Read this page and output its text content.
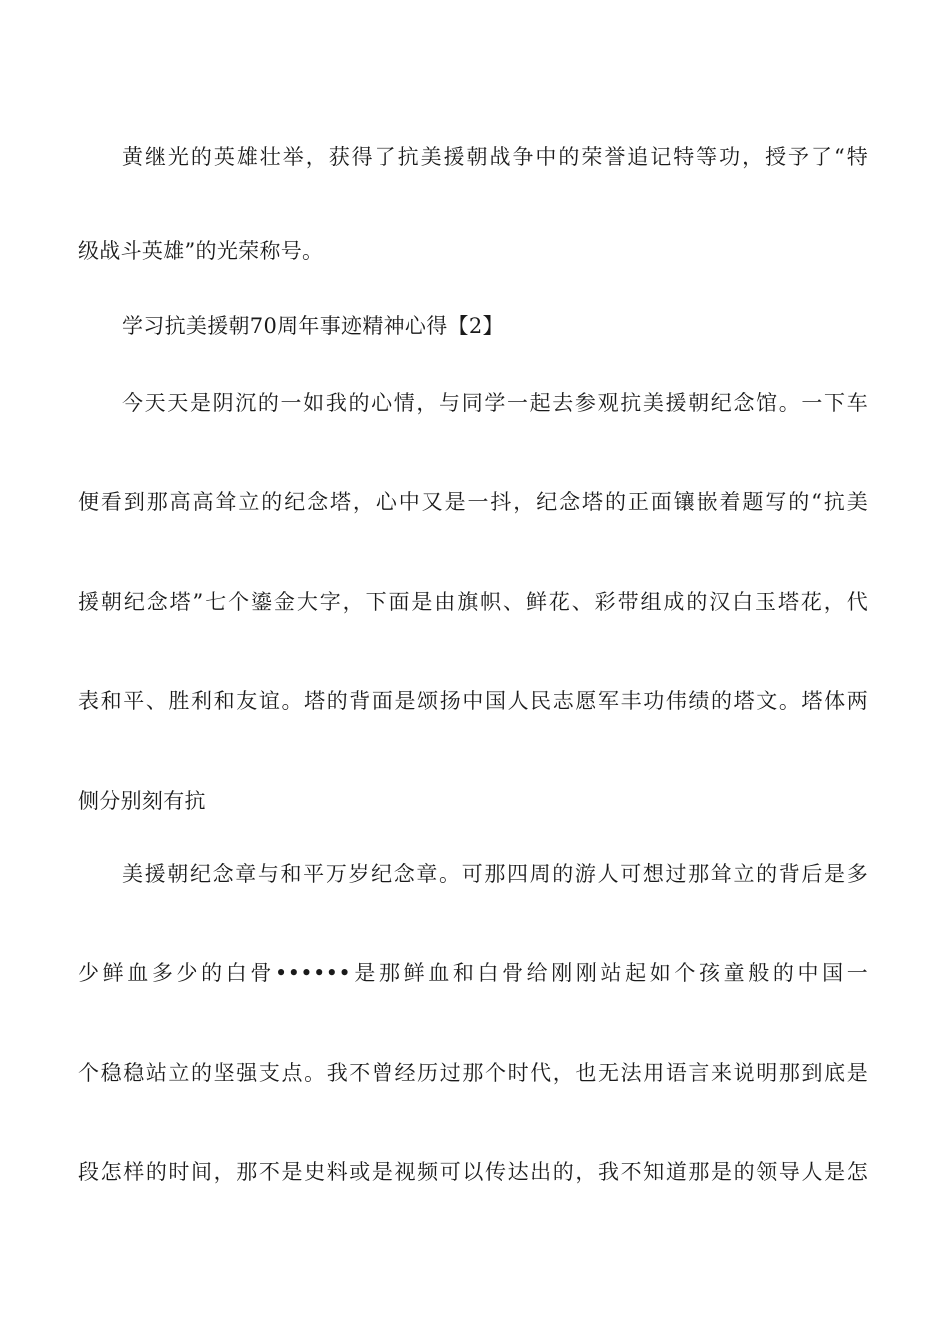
黄继光的英雄壮举，获得了抗美援朝战争中的荣誉追记特等功，授予了“特
级战斗英雄”的光荣称号。
学习抗美援朝70周年事迹精神心得【2】
今天天是阴沉的一如我的心情，与同学一起去参观抗美援朝纪念馆。一下车
便看到那高高耸立的纪念塔，心中又是一抖，纪念塔的正面镶嵌着题写的“抗美
援朝纪念塔”七个鎏金大字，下面是由旗帜、鲜花、彩带组成的汉白玉塔花，代
表和平、胜利和友谊。塔的背面是颂扬中国人民志愿军丰功伟绩的塔文。塔体两
侧分别刻有抗
美援朝纪念章与和平万岁纪念章。可那四周的游人可想过那耸立的背后是多
少鲜血多少的白骨••••••是那鲜血和白骨给刚刚站起如个孩童般的中国一
个稳稳站立的坚强支点。我不曾经历过那个时代，也无法用语言来说明那到底是
段怎样的时间，那不是史料或是视频可以传达出的，我不知道那是的领导人是怎
